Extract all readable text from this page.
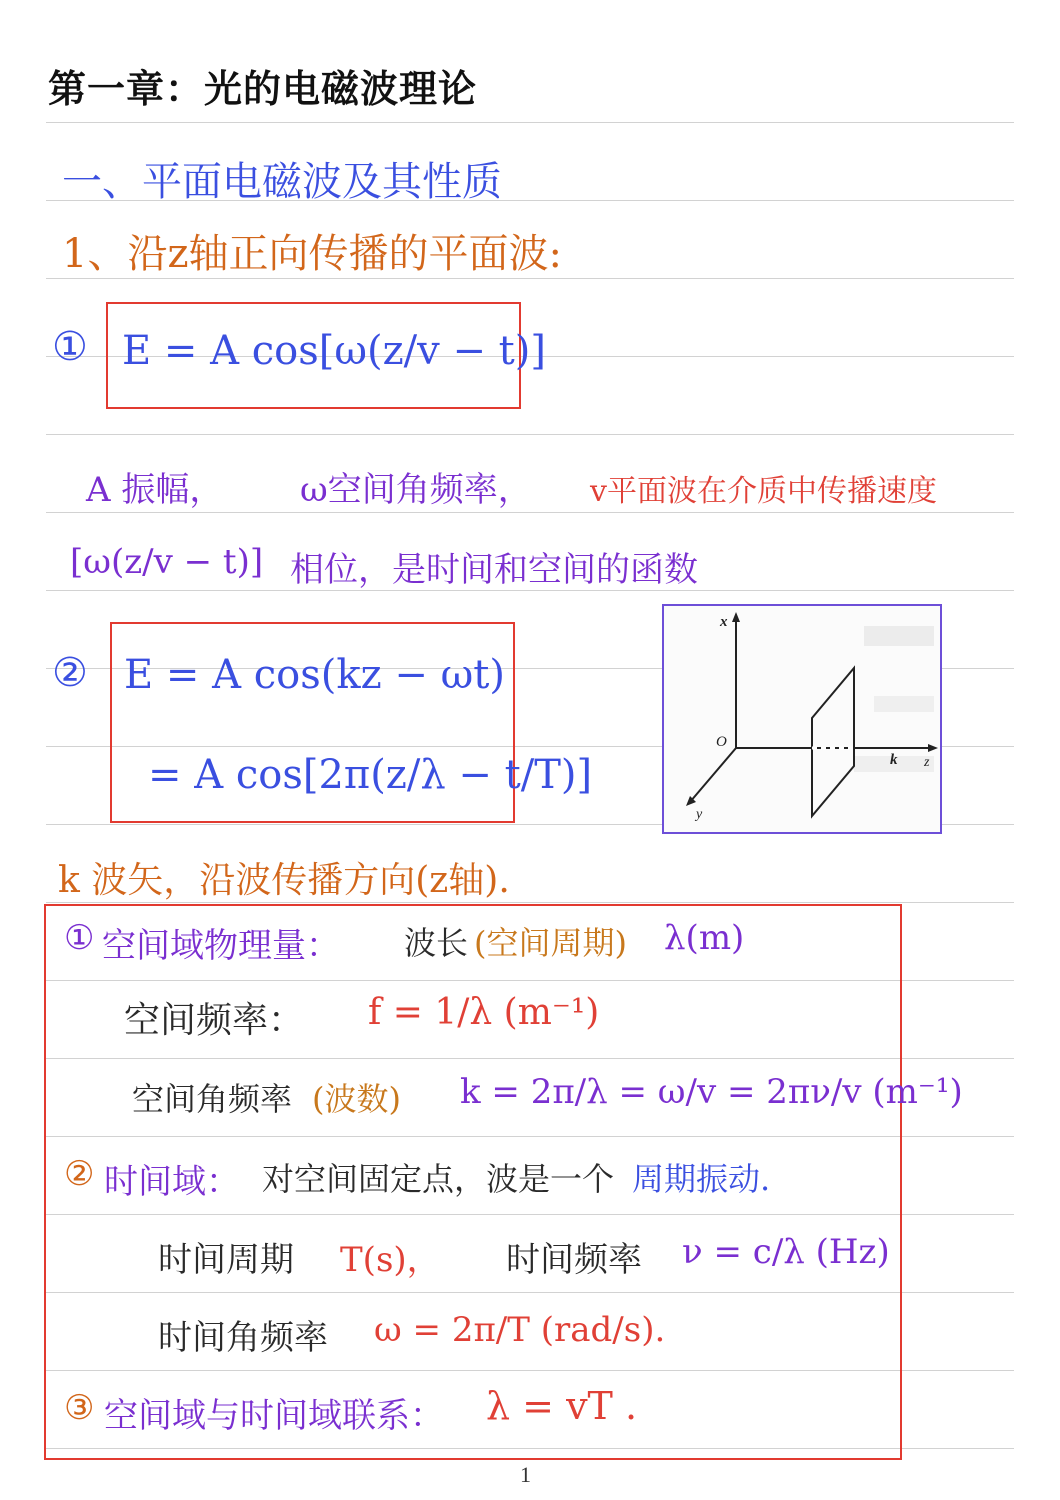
第一章：光的电磁波理论
一、平面电磁波及其性质
1、沿z轴正向传播的平面波:
① E = A cos[ω(z/v − t)]
A 振幅， ω空间角频率， v平面波在介质中传播速度
[ω(z/v − t)] 相位，是时间和空间的函数
② E = A cos(kz − ωt)
= A cos[2π(z/λ − t/T)]
x
O
k z
y
k 波矢，沿波传播方向(z轴).
① 空间域物理量： 波长 (空间周期) λ(m)
空间频率： f = 1/λ (m⁻¹)
空间角频率 (波数) k = 2π/λ = ω/v = 2πν/v (m⁻¹)
② 时间域： 对空间固定点，波是一个 周期振动.
时间周期 T(s)， 时间频率 ν = c/λ (Hz)
时间角频率 ω = 2π/T (rad/s).
③ 空间域与时间域联系： λ = vT .
1
